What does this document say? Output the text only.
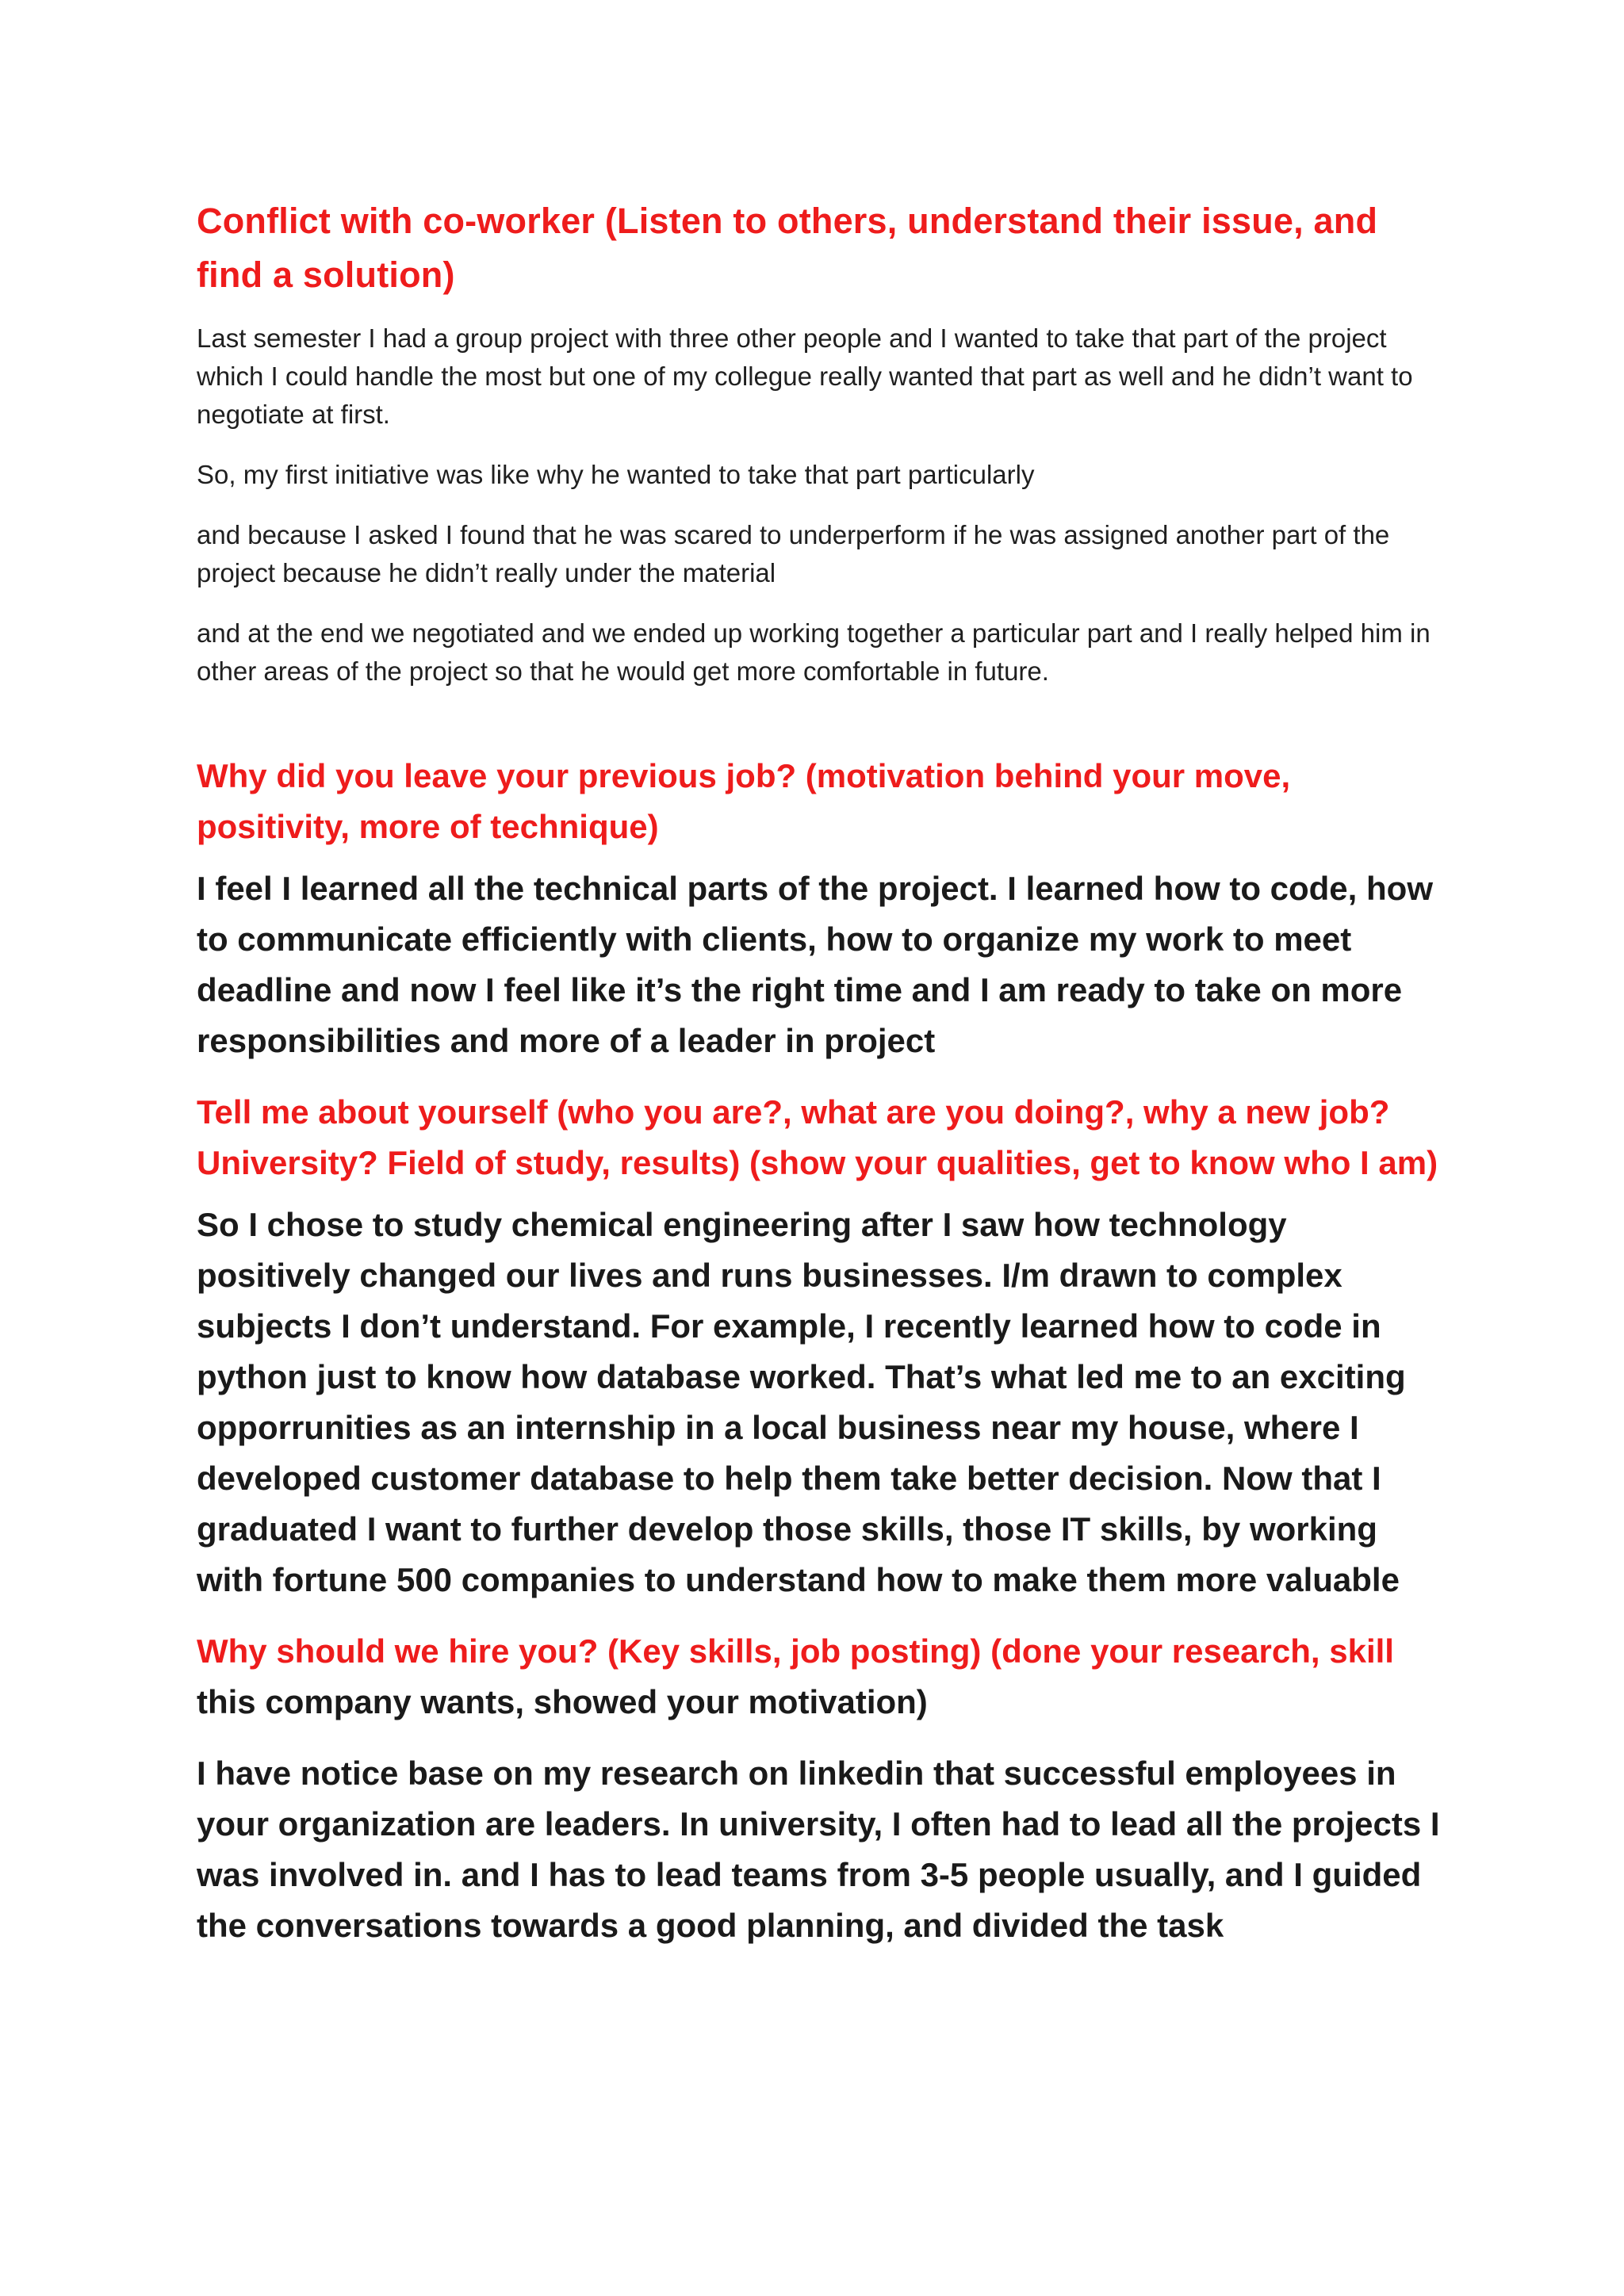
Conflict with co-worker (Listen to others, understand their issue, and find a solution)

Last semester I had a group project with three other people and I wanted to take that part of the project which I could handle the most but one of my collegue really wanted that part as well and he didn’t want to negotiate at first.

So, my first initiative was like why he wanted to take that part particularly

and because I asked I found that he was scared to underperform if he was assigned another part of the project because he didn’t really under the material

and at the end we negotiated and we ended up working together a particular part and I really helped him in other areas of the project so that he would get more comfortable in future.

Why did you leave your previous job? (motivation behind your move, positivity, more of technique)
I feel I learned all the technical parts of the project. I learned how to code, how to communicate efficiently with clients, how to organize my work to meet deadline and now I feel like it’s the right time and I am ready to take on more responsibilities and more of a leader in project
Tell me about yourself (who you are?, what are you doing?, why a new job? University? Field of study, results) (show your qualities, get to know who I am)
So I chose to study chemical engineering after I saw how technology positively changed our lives and runs businesses. I/m drawn to complex subjects I don’t understand. For example, I recently learned how to code in python just to know how database worked. That’s what led me to an exciting opporrunities as an internship in a local business near my house, where I developed customer database to help them take better decision. Now that I graduated I want to further develop those skills, those IT skills, by working with fortune 500 companies to understand how to make them more valuable
Why should we hire you? (Key skills, job posting) (done your research, skill this company wants, showed your motivation)
I have notice base on my research on linkedin that successful employees in your organization are leaders. In university, I often had to lead all the projects I was involved in. and I has to lead teams from 3-5 people usually, and I guided the conversations towards a good planning, and divided the task
